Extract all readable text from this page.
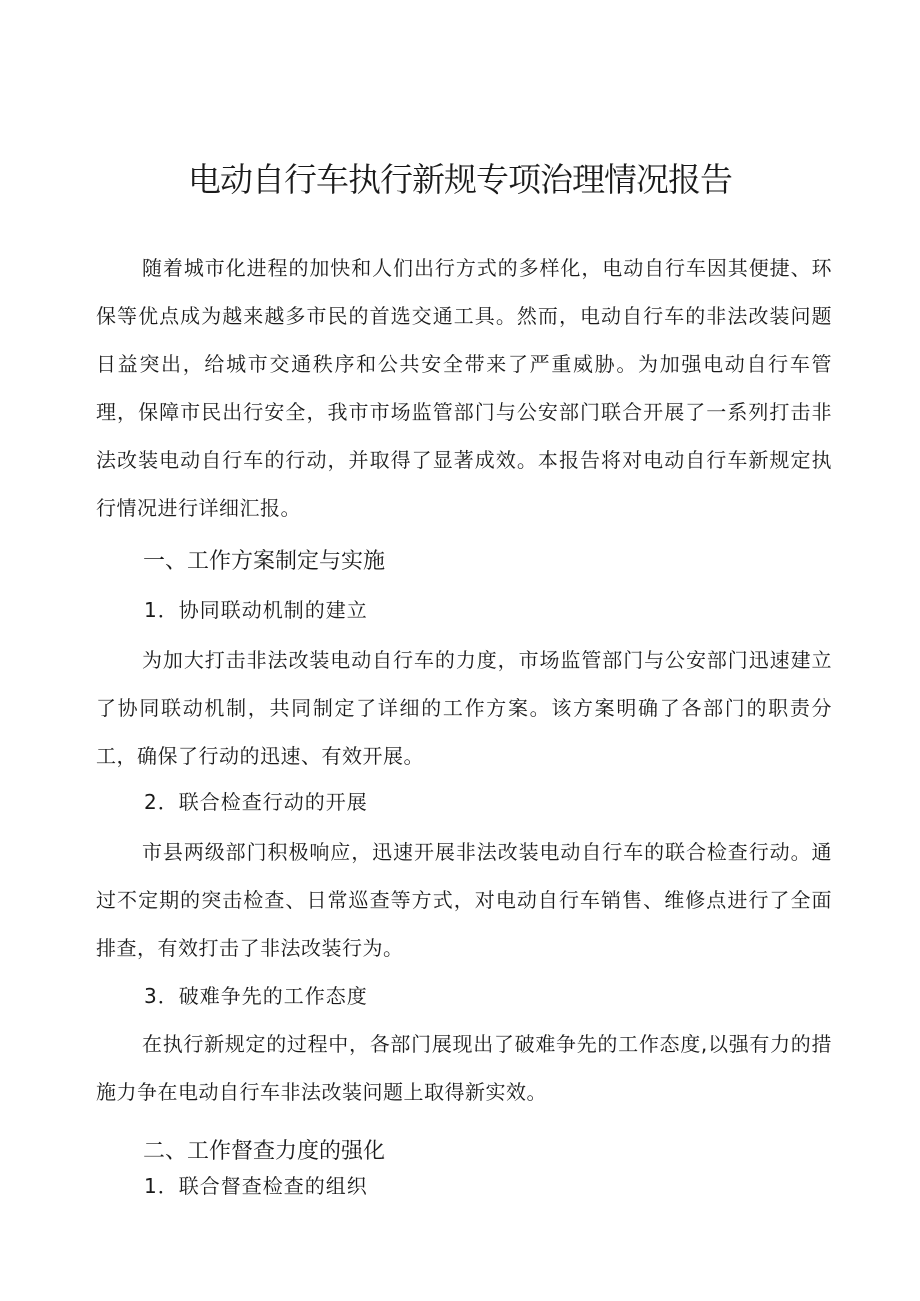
电动自行车执行新规专项治理情况报告

随着城市化进程的加快和人们出行方式的多样化，电动自行车因其便捷、环保等优点成为越来越多市民的首选交通工具。然而，电动自行车的非法改装问题日益突出，给城市交通秩序和公共安全带来了严重威胁。为加强电动自行车管理，保障市民出行安全，我市市场监管部门与公安部门联合开展了一系列打击非法改装电动自行车的行动，并取得了显著成效。本报告将对电动自行车新规定执行情况进行详细汇报。

一、工作方案制定与实施
1．协同联动机制的建立

为加大打击非法改装电动自行车的力度，市场监管部门与公安部门迅速建立了协同联动机制，共同制定了详细的工作方案。该方案明确了各部门的职责分工，确保了行动的迅速、有效开展。

2．联合检查行动的开展

市县两级部门积极响应，迅速开展非法改装电动自行车的联合检查行动。通过不定期的突击检查、日常巡查等方式，对电动自行车销售、维修点进行了全面排查，有效打击了非法改装行为。

3．破难争先的工作态度

在执行新规定的过程中，各部门展现出了破难争先的工作态度,以强有力的措施力争在电动自行车非法改装问题上取得新实效。

二、工作督查力度的强化
1．联合督查检查的组织
